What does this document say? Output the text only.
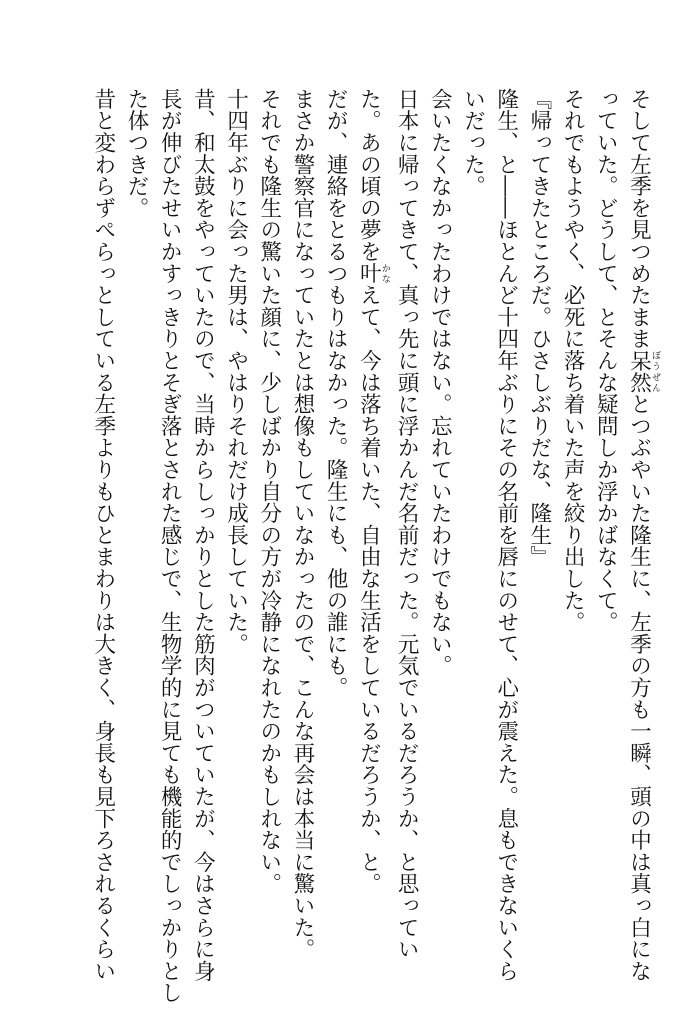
そして左季を見つめたまま呆然ぼうぜんとつぶやいた隆生に、左季の方も一瞬、頭の中は真っ白にな
っていた。どうして、とそんな疑問しか浮かばなくて。
それでもようやく、必死に落ち着いた声を絞り出した。
『帰ってきたところだ。ひさしぶりだな、隆生』
隆生、と――ほとんど十四年ぶりにその名前を唇にのせて、心が震えた。息もできないくら
いだった。
会いたくなかったわけではない。忘れていたわけでもない。
日本に帰ってきて、真っ先に頭に浮かんだ名前だった。元気でいるだろうか、と思ってい
た。あの頃の夢を叶かなえて、今は落ち着いた、自由な生活をしているだろうか、と。
だが、連絡をとるつもりはなかった。隆生にも、他の誰にも。
まさか警察官になっていたとは想像もしていなかったので、こんな再会は本当に驚いた。
それでも隆生の驚いた顔に、少しばかり自分の方が冷静になれたのかもしれない。
十四年ぶりに会った男は、やはりそれだけ成長していた。
昔、和太鼓をやっていたので、当時からしっかりとした筋肉がついていたが、今はさらに身
長が伸びたせいかすっきりとそぎ落とされた感じで、生物学的に見ても機能的でしっかりとし
た体つきだ。
昔と変わらずぺらっとしている左季よりもひとまわりは大きく、身長も見下ろされるくらい
